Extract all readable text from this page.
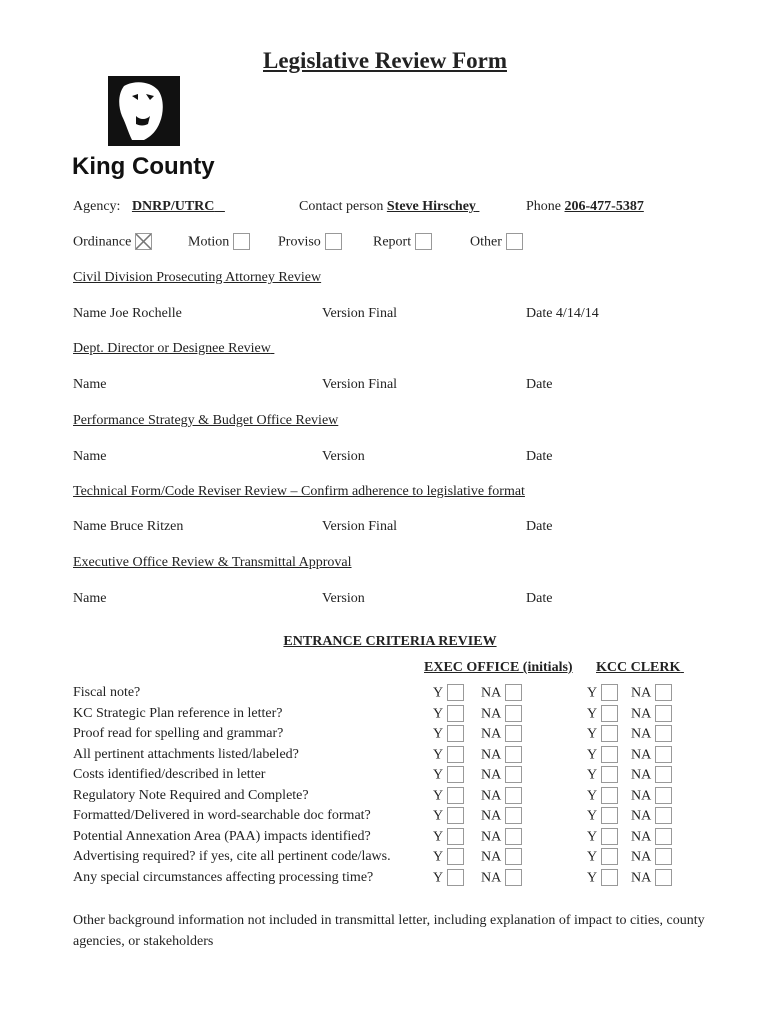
Legislative Review Form
King County
Agency: DNRP/UTRC	Contact person Steve Hirschey	Phone 206-477-5387
Ordinance	Motion	Proviso	Report	Other
Civil Division Prosecuting Attorney Review
Name Joe Rochelle	Version Final	Date 4/14/14
Dept. Director or Designee Review
Name	Version Final	Date
Performance Strategy & Budget Office Review
Name	Version	Date
Technical Form/Code Reviser Review – Confirm adherence to legislative format
Name Bruce Ritzen	Version Final	Date
Executive Office Review & Transmittal Approval
Name	Version	Date
ENTRANCE CRITERIA REVIEW
EXEC OFFICE (initials) KCC CLERK
Fiscal note?	Y	NA	Y	NA
KC Strategic Plan reference in letter?	Y	NA	Y	NA
Proof read for spelling and grammar?	Y	NA	Y	NA
All pertinent attachments listed/labeled?	Y	NA	Y	NA
Costs identified/described in letter	Y	NA	Y	NA
Regulatory Note Required and Complete?	Y	NA	Y	NA
Formatted/Delivered in word-searchable doc format?	Y	NA	Y	NA
Potential Annexation Area (PAA) impacts identified?	Y	NA	Y	NA
Advertising required? if yes, cite all pertinent code/laws.	Y	NA	Y	NA
Any special circumstances affecting processing time?	Y	NA	Y	NA
Other background information not included in transmittal letter, including explanation of impact to cities, county agencies, or stakeholders
